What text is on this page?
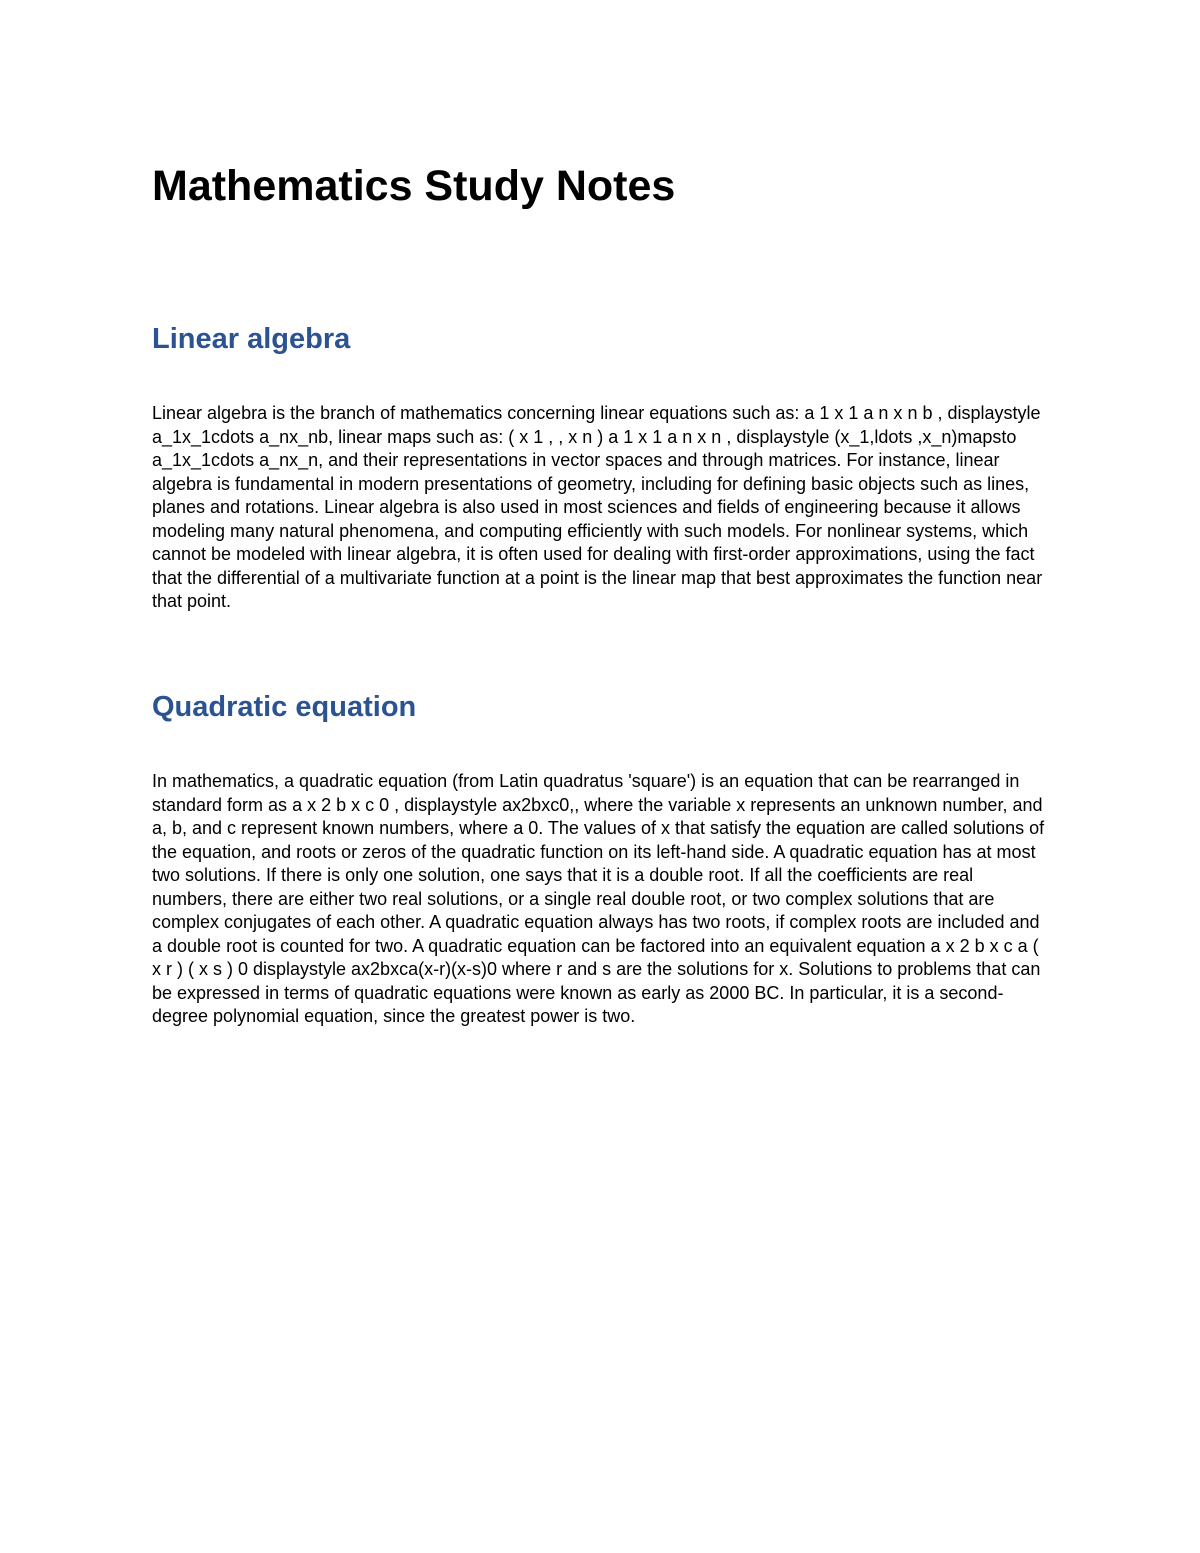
Mathematics Study Notes
Linear algebra

Linear algebra is the branch of mathematics concerning linear equations such as: a 1 x 1 a n x n b , displaystyle a_1x_1cdots a_nx_nb, linear maps such as: ( x 1 , , x n ) a 1 x 1 a n x n , displaystyle (x_1,ldots ,x_n)mapsto a_1x_1cdots a_nx_n, and their representations in vector spaces and through matrices. For instance, linear algebra is fundamental in modern presentations of geometry, including for defining basic objects such as lines, planes and rotations. Linear algebra is also used in most sciences and fields of engineering because it allows modeling many natural phenomena, and computing efficiently with such models. For nonlinear systems, which cannot be modeled with linear algebra, it is often used for dealing with first-order approximations, using the fact that the differential of a multivariate function at a point is the linear map that best approximates the function near that point.

Quadratic equation

In mathematics, a quadratic equation (from Latin quadratus 'square') is an equation that can be rearranged in standard form as a x 2 b x c 0 , displaystyle ax2bxc0,, where the variable x represents an unknown number, and a, b, and c represent known numbers, where a 0. The values of x that satisfy the equation are called solutions of the equation, and roots or zeros of the quadratic function on its left-hand side. A quadratic equation has at most two solutions. If there is only one solution, one says that it is a double root. If all the coefficients are real numbers, there are either two real solutions, or a single real double root, or two complex solutions that are complex conjugates of each other. A quadratic equation always has two roots, if complex roots are included and a double root is counted for two. A quadratic equation can be factored into an equivalent equation a x 2 b x c a ( x r ) ( x s ) 0 displaystyle ax2bxca(x-r)(x-s)0 where r and s are the solutions for x. Solutions to problems that can be expressed in terms of quadratic equations were known as early as 2000 BC. In particular, it is a second-degree polynomial equation, since the greatest power is two.
